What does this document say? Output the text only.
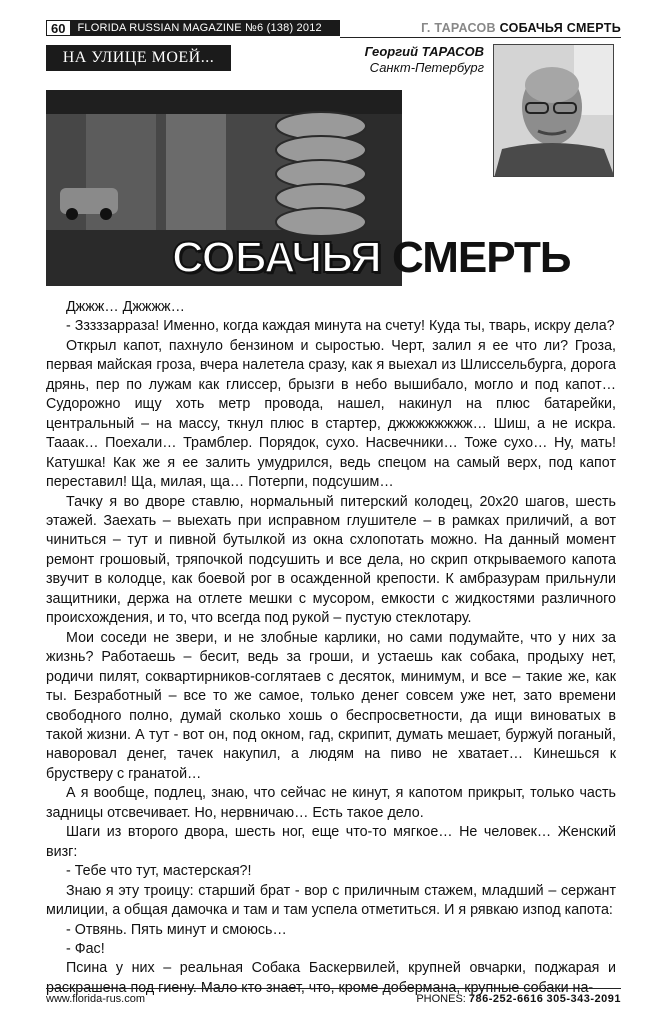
60	FLORIDA RUSSIAN MAGAZINE №6 (138) 2012	Г. ТАРАСОВ СОБАЧЬЯ СМЕРТЬ
НА УЛИЦЕ МОЕЙ...	Георгий ТАРАСОВ
Санкт-Петербург
СОБАЧЬЯ СМЕРТЬ

Джжж… Джжжж…

- Зззззарраза! Именно, когда каждая минута на счету! Куда ты, тварь, искру дела?

Открыл капот, пахнуло бензином и сыростью. Черт, залил я ее что ли? Гроза, первая майская гроза, вчера налетела сразу, как я выехал из Шлиссельбурга, дорога дрянь, пер по лужам как глиссер, брызги в небо вышибало, могло и под капот… Судорожно ищу хоть метр провода, нашел, накинул на плюс батарейки, центральный – на массу, ткнул плюс в стартер, джжжжжжжж… Шиш, а не искра. Тааак… Поехали… Трамблер. Порядок, сухо. Насвечники… Тоже сухо… Ну, мать! Катушка! Как же я ее залить умудрился, ведь спецом на самый верх, под капот переставил! Ща, милая, ща… Потерпи, подсушим…

Тачку я во дворе ставлю, нормальный питерский колодец, 20х20 шагов, шесть этажей. Заехать – выехать при исправном глушителе – в рамках приличий, а вот чиниться – тут и пивной бутылкой из окна схлопотать можно. На данный момент ремонт грошовый, тряпочкой подсушить и все дела, но скрип открываемого капота звучит в колодце, как боевой рог в осажденной крепости. К амбразурам прильнули защитники, держа на отлете мешки с мусором, емкости с жидкостями различного происхождения, и то, что всегда под рукой – пустую стеклотару.

Мои соседи не звери, и не злобные карлики, но сами подумайте, что у них за жизнь? Работаешь – бесит, ведь за гроши, и устаешь как собака, продыху нет, родичи пилят, соквартирников-соглятаев с десяток, минимум, и все – такие же, как ты. Безработный – все то же самое, только денег совсем уже нет, зато времени свободного полно, думай сколько хошь о беспросветности, да ищи виноватых в такой жизни. А тут - вот он, под окном, гад, скрипит, думать мешает, буржуй поганый, наворовал денег, тачек накупил, а людям на пиво не хватает… Кинешься к брустверу с гранатой…

А я вообще, подлец, знаю, что сейчас не кинут, я капотом прикрыт, только часть задницы отсвечивает. Но, нервничаю… Есть такое дело.

Шаги из второго двора, шесть ног, еще что-то мягкое… Не человек… Женский визг:

- Тебе что тут, мастерская?!

Знаю я эту троицу: старший брат - вор с приличным стажем, младший – сержант милиции, а общая дамочка и там и там успела отметиться. И я рявкаю изпод капота:

- Отвянь. Пять минут и смоюсь…

- Фас!

Псина у них – реальная Собака Баскервилей, крупней овчарки, поджарая и раскрашена под гиену. Мало кто знает, что, кроме добермана, крупные собаки на-

www.florida-rus.com	PHONES: 786-252-6616 305-343-2091
